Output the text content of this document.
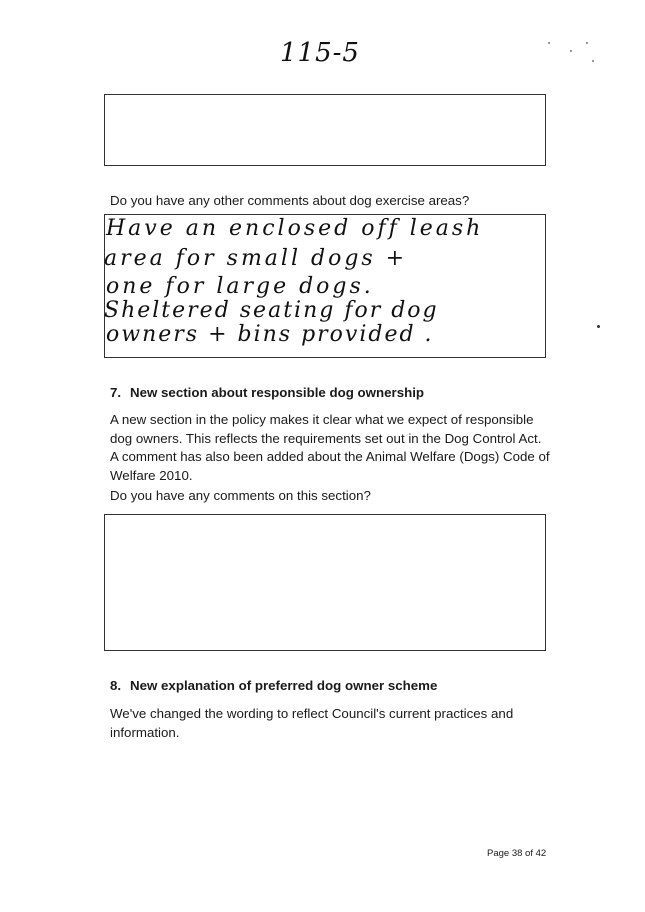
115-5
Do you have any other comments about dog exercise areas?
Have an enclosed off leash
area for small dogs +
one for large dogs.
Sheltered seating for dog
owners + bins provided .
7. New section about responsible dog ownership
A new section in the policy makes it clear what we expect of responsible dog owners. This reflects the requirements set out in the Dog Control Act. A comment has also been added about the Animal Welfare (Dogs) Code of Welfare 2010.
Do you have any comments on this section?
8. New explanation of preferred dog owner scheme
We've changed the wording to reflect Council's current practices and information.
Page 38 of 42
